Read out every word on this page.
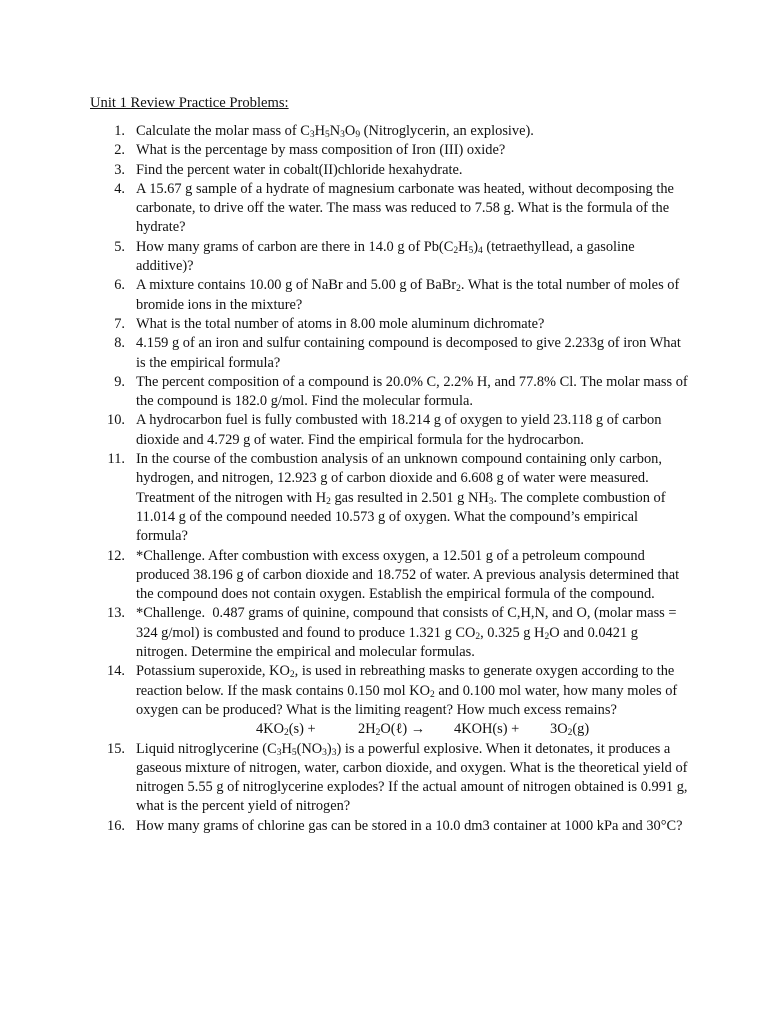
Unit 1 Review Practice Problems:
1. Calculate the molar mass of $C_3H_5N_3O_9$ (Nitroglycerin, an explosive).
2. What is the percentage by mass composition of Iron (III) oxide?
3. Find the percent water in cobalt(II)chloride hexahydrate.
4. A 15.67 g sample of a hydrate of magnesium carbonate was heated, without decomposing the carbonate, to drive off the water. The mass was reduced to 7.58 g. What is the formula of the hydrate?
5. How many grams of carbon are there in 14.0 g of $Pb(C_2H_5)_4$ (tetraethyllead, a gasoline additive)?
6. A mixture contains 10.00 g of NaBr and 5.00 g of BaBr$_2$. What is the total number of moles of bromide ions in the mixture?
7. What is the total number of atoms in 8.00 mole aluminum dichromate?
8. 4.159 g of an iron and sulfur containing compound is decomposed to give 2.233g of iron What is the empirical formula?
9. The percent composition of a compound is 20.0% C, 2.2% H, and 77.8% Cl. The molar mass of the compound is 182.0 g/mol. Find the molecular formula.
10. A hydrocarbon fuel is fully combusted with 18.214 g of oxygen to yield 23.118 g of carbon dioxide and 4.729 g of water. Find the empirical formula for the hydrocarbon.
11. In the course of the combustion analysis of an unknown compound containing only carbon, hydrogen, and nitrogen, 12.923 g of carbon dioxide and 6.608 g of water were measured. Treatment of the nitrogen with $H_2$ gas resulted in 2.501 g $NH_3$. The complete combustion of 11.014 g of the compound needed 10.573 g of oxygen. What the compound’s empirical formula?
12. *Challenge. After combustion with excess oxygen, a 12.501 g of a petroleum compound produced 38.196 g of carbon dioxide and 18.752 of water. A previous analysis determined that the compound does not contain oxygen. Establish the empirical formula of the compound.
13. *Challenge.  0.487 grams of quinine, compound that consists of C,H,N, and O, (molar mass = 324 g/mol) is combusted and found to produce 1.321 g $CO_2$, 0.325 g $H_2O$ and 0.0421 g nitrogen. Determine the empirical and molecular formulas.
14. Potassium superoxide, $KO_2$, is used in rebreathing masks to generate oxygen according to the reaction below. If the mask contains 0.150 mol $KO_2$ and 0.100 mol water, how many moles of oxygen can be produced? What is the limiting reagent? How much excess remains?
$4KO_2(s)$ +	$2H_2O(\ell)$ →	4KOH(s) +	$3O_2(g)$
15. Liquid nitroglycerine $(C_3H_5(NO_3)_3)$ is a powerful explosive. When it detonates, it produces a gaseous mixture of nitrogen, water, carbon dioxide, and oxygen. What is the theoretical yield of nitrogen 5.55 g of nitroglycerine explodes? If the actual amount of nitrogen obtained is 0.991 g, what is the percent yield of nitrogen?
16. How many grams of chlorine gas can be stored in a 10.0 dm3 container at 1000 kPa and 30°C?
